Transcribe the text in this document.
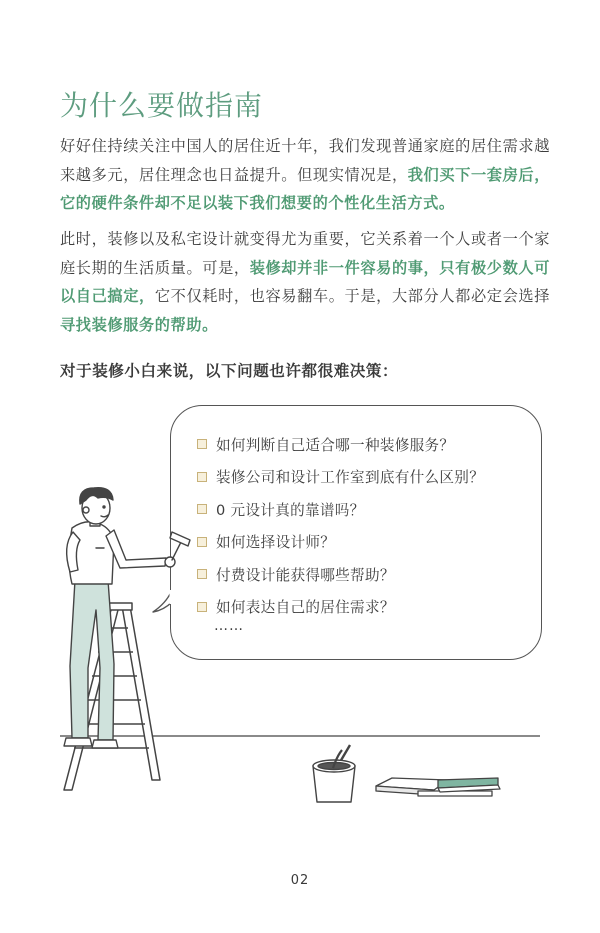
为什么要做指南

好好住持续关注中国人的居住近十年，我们发现普通家庭的居住需求越来越多元，居住理念也日益提升。但现实情况是，我们买下一套房后，它的硬件条件却不足以装下我们想要的个性化生活方式。

此时，装修以及私宅设计就变得尤为重要，它关系着一个人或者一个家庭长期的生活质量。可是，装修却并非一件容易的事，只有极少数人可以自己搞定，它不仅耗时，也容易翻车。于是，大部分人都必定会选择寻找装修服务的帮助。

对于装修小白来说，以下问题也许都很难决策：
如何判断自己适合哪一种装修服务？
装修公司和设计工作室到底有什么区别？
0 元设计真的靠谱吗？
如何选择设计师？
付费设计能获得哪些帮助？
如何表达自己的居住需求？
……
02
